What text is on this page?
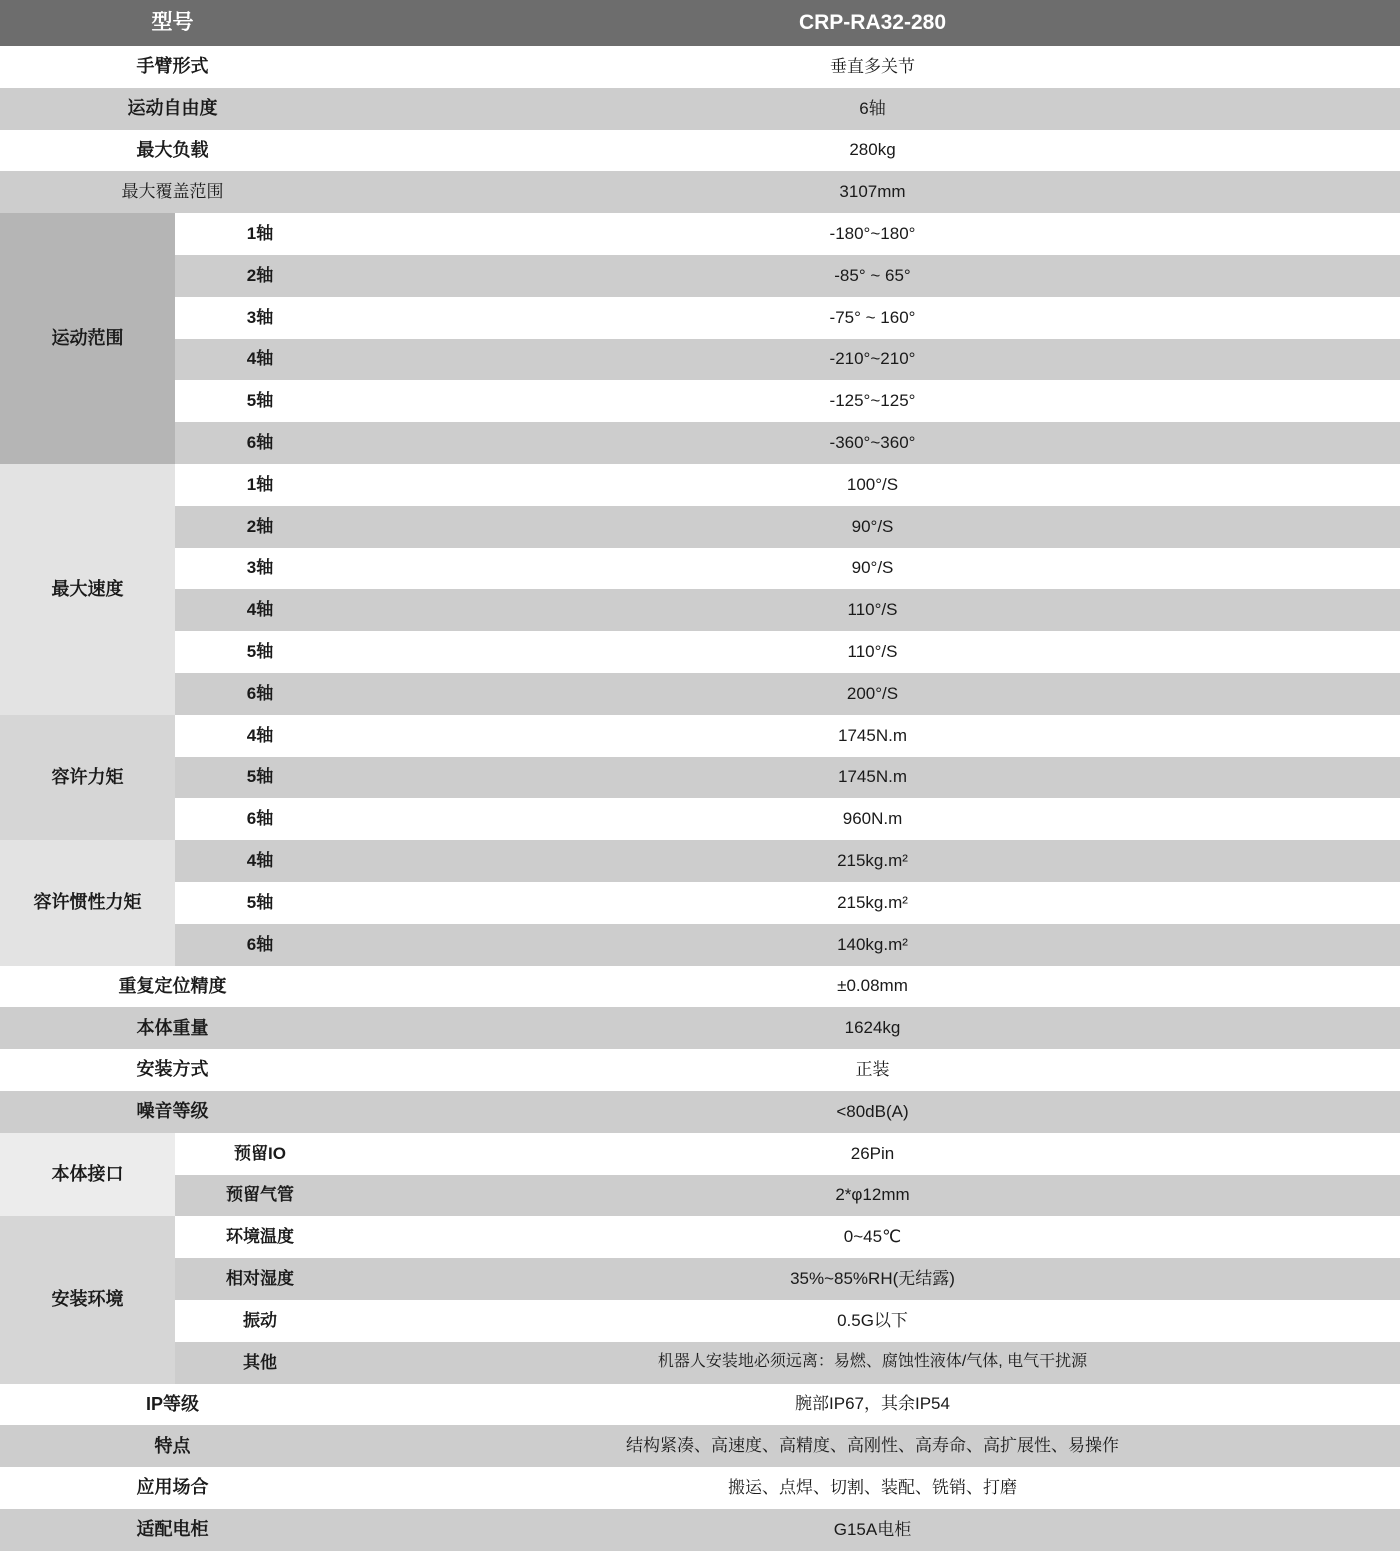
型号		CRP-RA32-280
手臂形式		垂直多关节
运动自由度		6轴
最大负载		280kg
最大覆盖范围		3107mm
运动范围	1轴	-180°~180°
	2轴	-85° ~ 65°
	3轴	-75° ~ 160°
	4轴	-210°~210°
	5轴	-125°~125°
	6轴	-360°~360°
最大速度	1轴	100°/S
	2轴	90°/S
	3轴	90°/S
	4轴	110°/S
	5轴	110°/S
	6轴	200°/S
容许力矩	4轴	1745N.m
	5轴	1745N.m
	6轴	960N.m
容许惯性力矩	4轴	215kg.m²
	5轴	215kg.m²
	6轴	140kg.m²
重复定位精度		±0.08mm
本体重量		1624kg
安装方式		正装
噪音等级		<80dB(A)
本体接口	预留IO	26Pin
	预留气管	2*φ12mm
安装环境	环境温度	0~45℃
	相对湿度	35%~85%RH(无结露)
	振动	0.5G以下
	其他	机器人安装地必须远离：易燃、腐蚀性液体/气体, 电气干扰源
IP等级		腕部IP67，其余IP54
特点		结构紧凑、高速度、高精度、高刚性、高寿命、高扩展性、易操作
应用场合		搬运、点焊、切割、装配、铣销、打磨
适配电柜		G15A电柜
